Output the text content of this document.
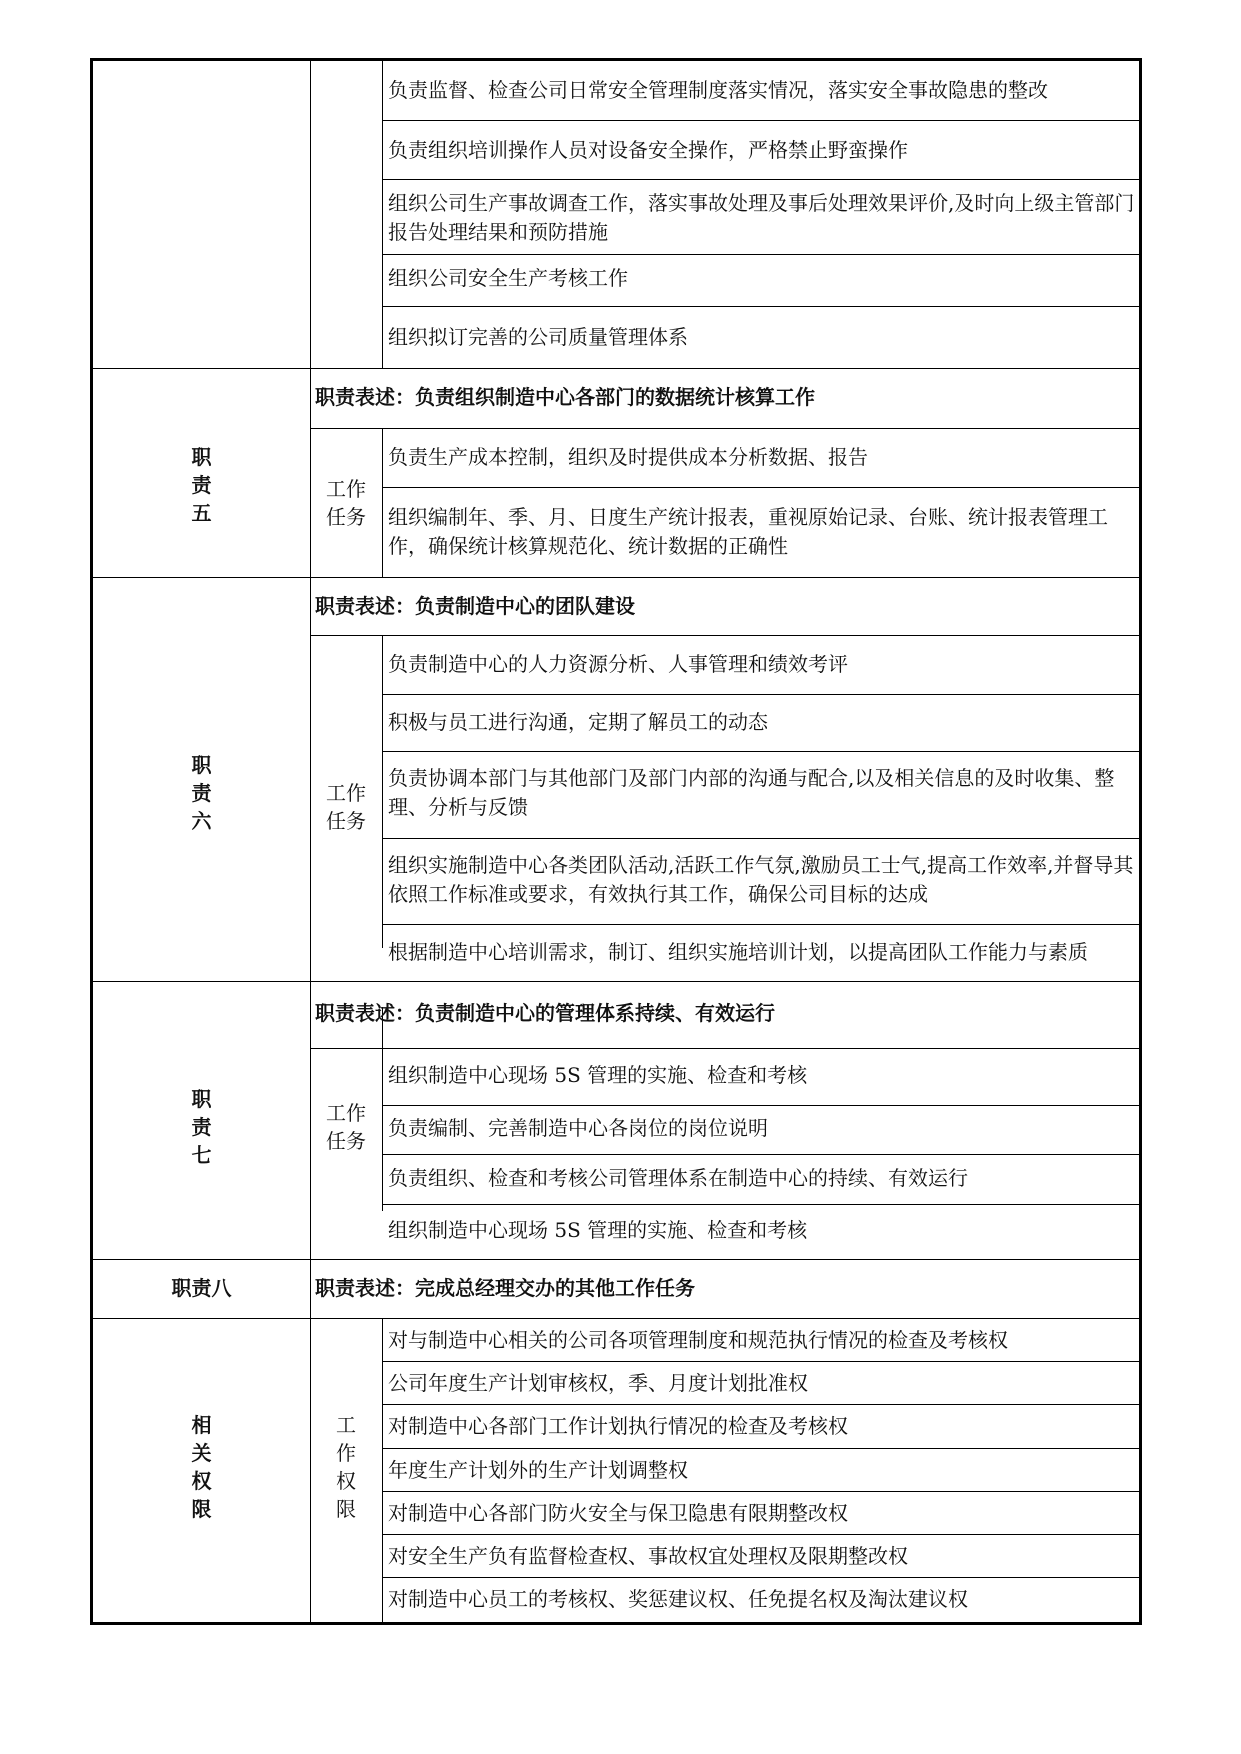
负责监督、检查公司日常安全管理制度落实情况，落实安全事故隐患的整改
负责组织培训操作人员对设备安全操作，严格禁止野蛮操作
组织公司生产事故调查工作，落实事故处理及事后处理效果评价,及时向上级主管部门报告处理结果和预防措施
组织公司安全生产考核工作
组织拟订完善的公司质量管理体系
职
责
五
职责表述：负责组织制造中心各部门的数据统计核算工作
工作
任务
负责生产成本控制，组织及时提供成本分析数据、报告
组织编制年、季、月、日度生产统计报表，重视原始记录、台账、统计报表管理工作，确保统计核算规范化、统计数据的正确性
职
责
六
职责表述：负责制造中心的团队建设
工作
任务
负责制造中心的人力资源分析、人事管理和绩效考评
积极与员工进行沟通，定期了解员工的动态
负责协调本部门与其他部门及部门内部的沟通与配合,以及相关信息的及时收集、整理、分析与反馈
组织实施制造中心各类团队活动,活跃工作气氛,激励员工士气,提高工作效率,并督导其依照工作标准或要求，有效执行其工作，确保公司目标的达成
根据制造中心培训需求，制订、组织实施培训计划，以提高团队工作能力与素质
职
责
七
职责表述：负责制造中心的管理体系持续、有效运行
工作
任务
组织制造中心现场 5S 管理的实施、检查和考核
负责编制、完善制造中心各岗位的岗位说明
负责组织、检查和考核公司管理体系在制造中心的持续、有效运行
组织制造中心现场 5S 管理的实施、检查和考核
职责八	职责表述：完成总经理交办的其他工作任务
相
关
权
限
工
作
权
限
对与制造中心相关的公司各项管理制度和规范执行情况的检查及考核权
公司年度生产计划审核权，季、月度计划批准权
对制造中心各部门工作计划执行情况的检查及考核权
年度生产计划外的生产计划调整权
对制造中心各部门防火安全与保卫隐患有限期整改权
对安全生产负有监督检查权、事故权宜处理权及限期整改权
对制造中心员工的考核权、奖惩建议权、任免提名权及淘汰建议权
